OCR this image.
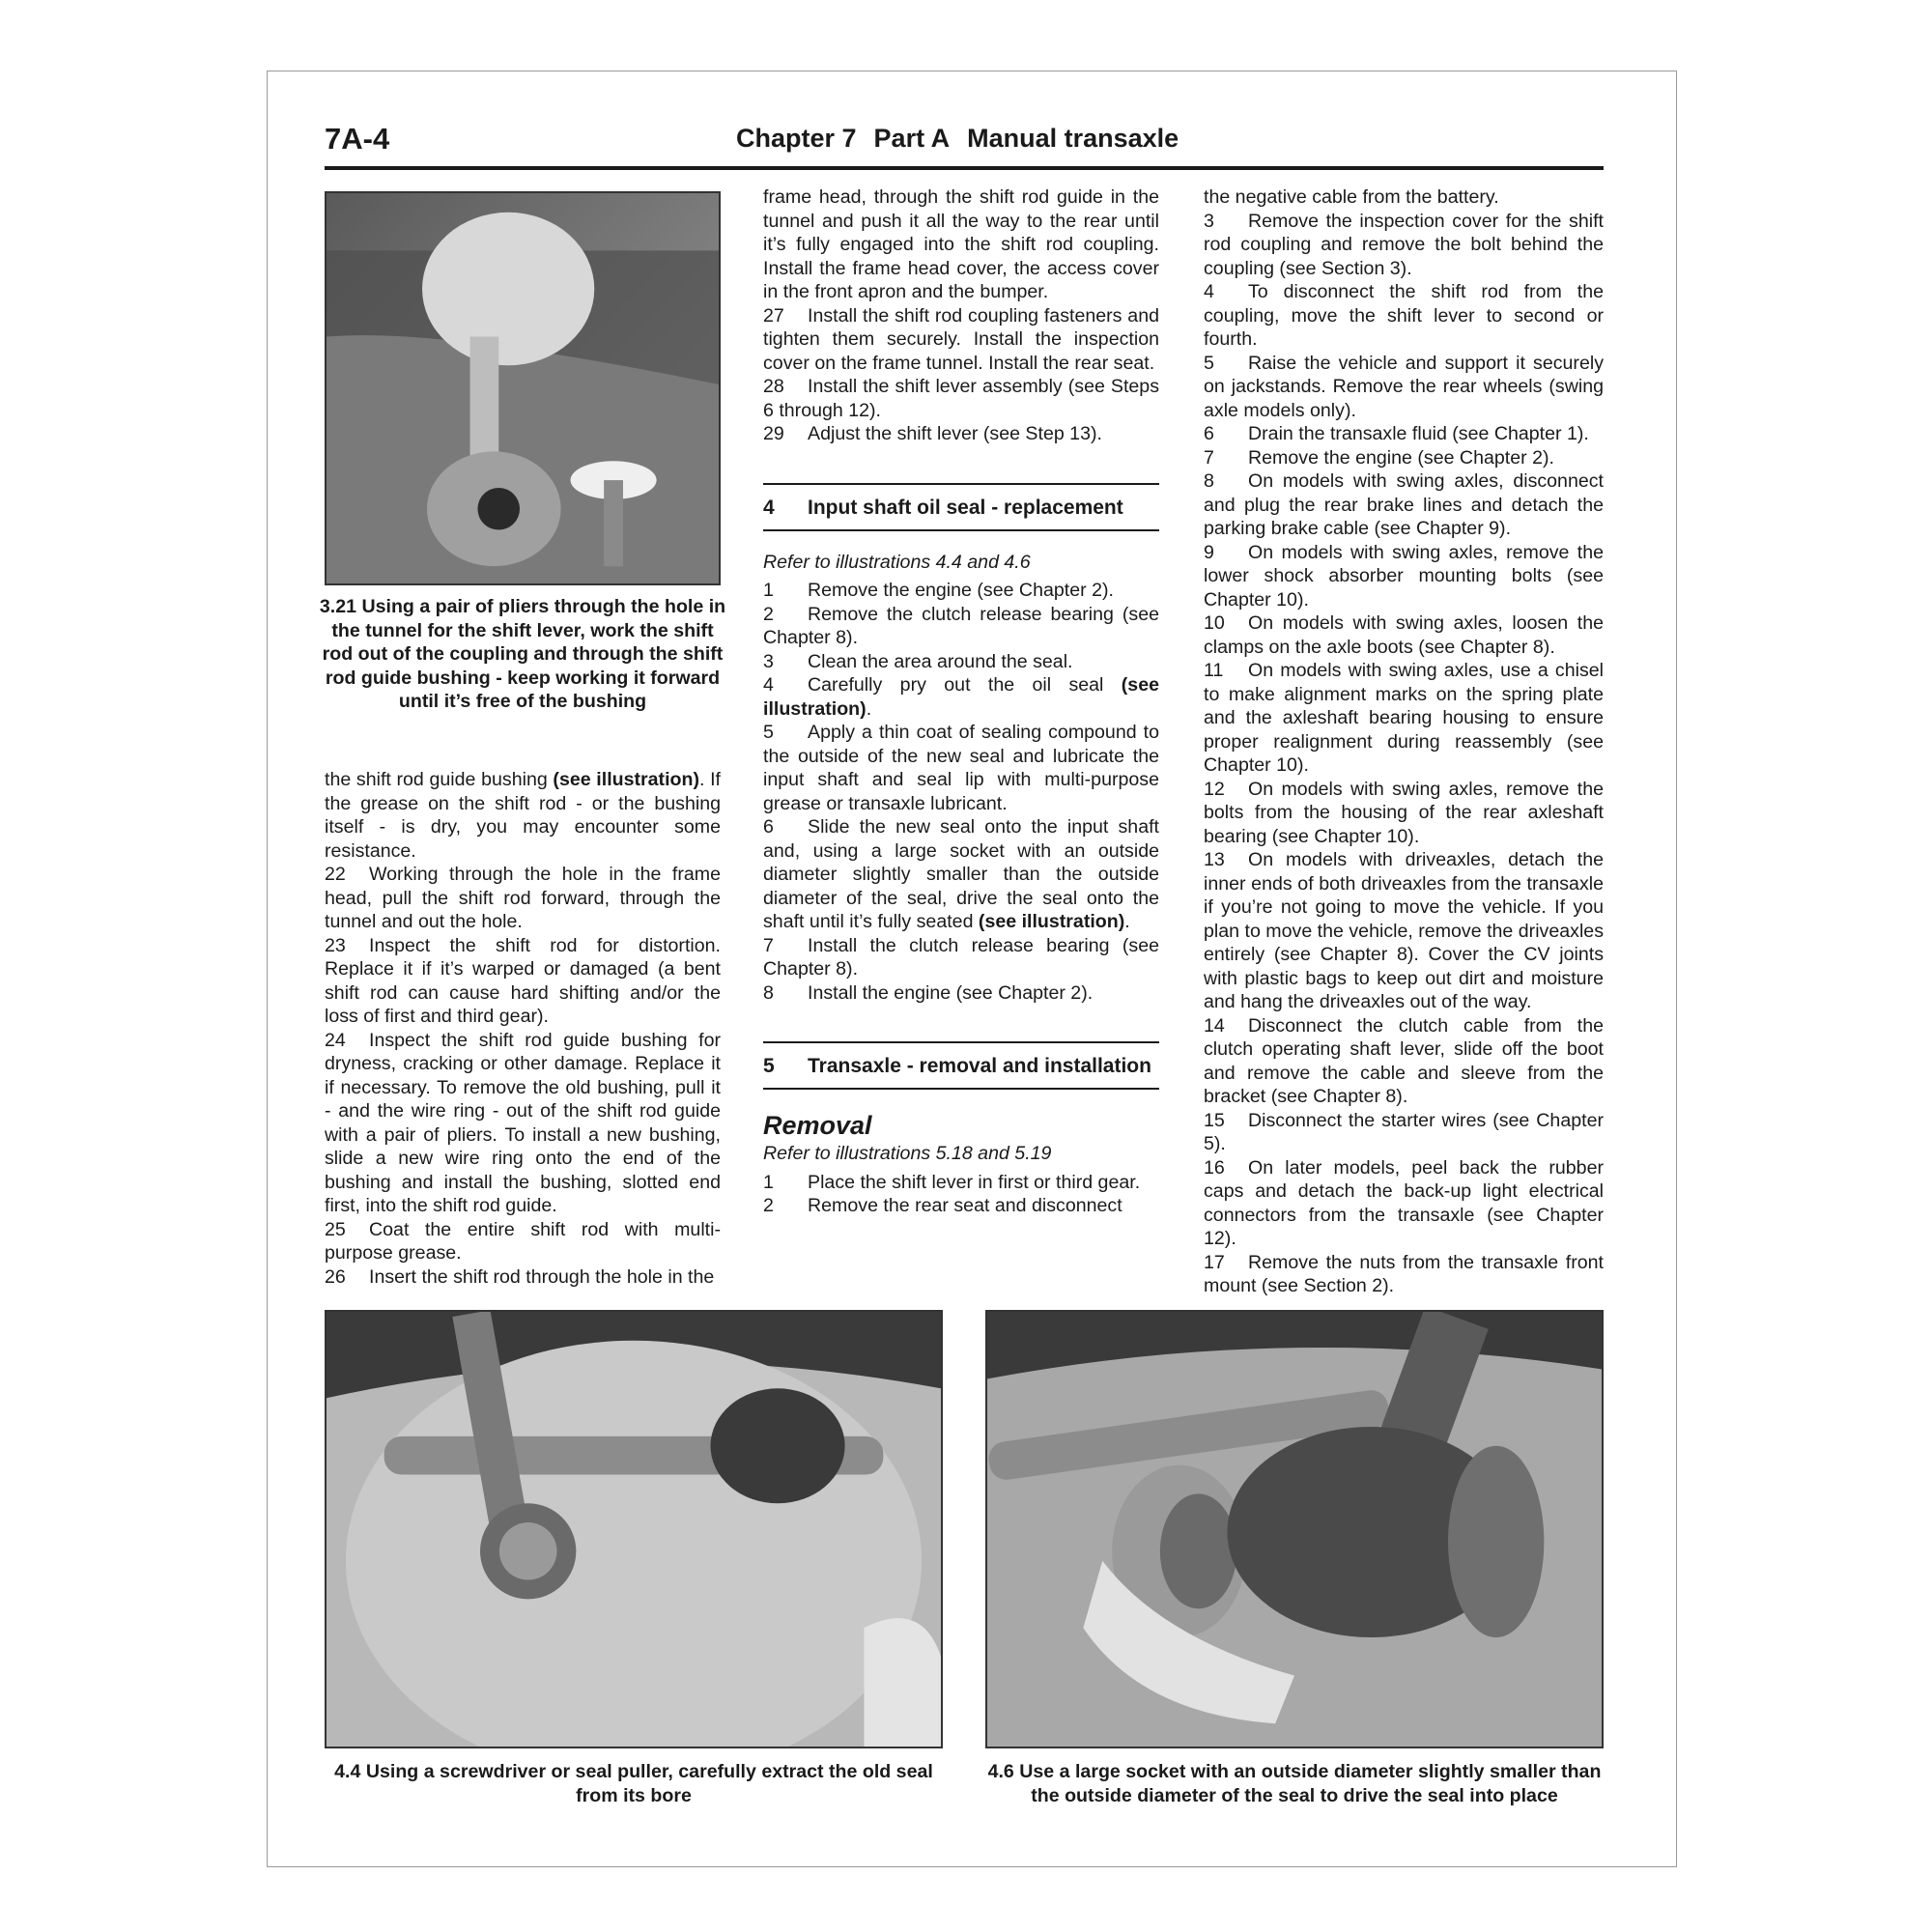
7A-4	Chapter 7 Part A Manual transaxle
3.21 Using a pair of pliers through the hole in the tunnel for the shift lever, work the shift rod out of the coupling and through the shift rod guide bushing - keep working it forward until it’s free of the bushing
the shift rod guide bushing (see illustration). If the grease on the shift rod - or the bushing itself - is dry, you may encounter some resistance.
22 Working through the hole in the frame head, pull the shift rod forward, through the tunnel and out the hole.
23 Inspect the shift rod for distortion. Replace it if it’s warped or damaged (a bent shift rod can cause hard shifting and/or the loss of first and third gear).
24 Inspect the shift rod guide bushing for dryness, cracking or other damage. Replace it if necessary. To remove the old bushing, pull it - and the wire ring - out of the shift rod guide with a pair of pliers. To install a new bushing, slide a new wire ring onto the end of the bushing and install the bushing, slotted end first, into the shift rod guide.
25 Coat the entire shift rod with multi-purpose grease.
26 Insert the shift rod through the hole in the
frame head, through the shift rod guide in the tunnel and push it all the way to the rear until it’s fully engaged into the shift rod coupling. Install the frame head cover, the access cover in the front apron and the bumper.
27 Install the shift rod coupling fasteners and tighten them securely. Install the inspection cover on the frame tunnel. Install the rear seat.
28 Install the shift lever assembly (see Steps 6 through 12).
29 Adjust the shift lever (see Step 13).
4 Input shaft oil seal - replacement
Refer to illustrations 4.4 and 4.6
1 Remove the engine (see Chapter 2).
2 Remove the clutch release bearing (see Chapter 8).
3 Clean the area around the seal.
4 Carefully pry out the oil seal (see illustration).
5 Apply a thin coat of sealing compound to the outside of the new seal and lubricate the input shaft and seal lip with multi-purpose grease or transaxle lubricant.
6 Slide the new seal onto the input shaft and, using a large socket with an outside diameter slightly smaller than the outside diameter of the seal, drive the seal onto the shaft until it’s fully seated (see illustration).
7 Install the clutch release bearing (see Chapter 8).
8 Install the engine (see Chapter 2).
5 Transaxle - removal and installation
Removal
Refer to illustrations 5.18 and 5.19
1 Place the shift lever in first or third gear.
2 Remove the rear seat and disconnect
the negative cable from the battery.
3 Remove the inspection cover for the shift rod coupling and remove the bolt behind the coupling (see Section 3).
4 To disconnect the shift rod from the coupling, move the shift lever to second or fourth.
5 Raise the vehicle and support it securely on jackstands. Remove the rear wheels (swing axle models only).
6 Drain the transaxle fluid (see Chapter 1).
7 Remove the engine (see Chapter 2).
8 On models with swing axles, disconnect and plug the rear brake lines and detach the parking brake cable (see Chapter 9).
9 On models with swing axles, remove the lower shock absorber mounting bolts (see Chapter 10).
10 On models with swing axles, loosen the clamps on the axle boots (see Chapter 8).
11 On models with swing axles, use a chisel to make alignment marks on the spring plate and the axleshaft bearing housing to ensure proper realignment during reassembly (see Chapter 10).
12 On models with swing axles, remove the bolts from the housing of the rear axleshaft bearing (see Chapter 10).
13 On models with driveaxles, detach the inner ends of both driveaxles from the transaxle if you’re not going to move the vehicle. If you plan to move the vehicle, remove the driveaxles entirely (see Chapter 8). Cover the CV joints with plastic bags to keep out dirt and moisture and hang the driveaxles out of the way.
14 Disconnect the clutch cable from the clutch operating shaft lever, slide off the boot and remove the cable and sleeve from the bracket (see Chapter 8).
15 Disconnect the starter wires (see Chapter 5).
16 On later models, peel back the rubber caps and detach the back-up light electrical connectors from the transaxle (see Chapter 12).
17 Remove the nuts from the transaxle front mount (see Section 2).
4.4 Using a screwdriver or seal puller, carefully extract the old seal from its bore
4.6 Use a large socket with an outside diameter slightly smaller than the outside diameter of the seal to drive the seal into place
